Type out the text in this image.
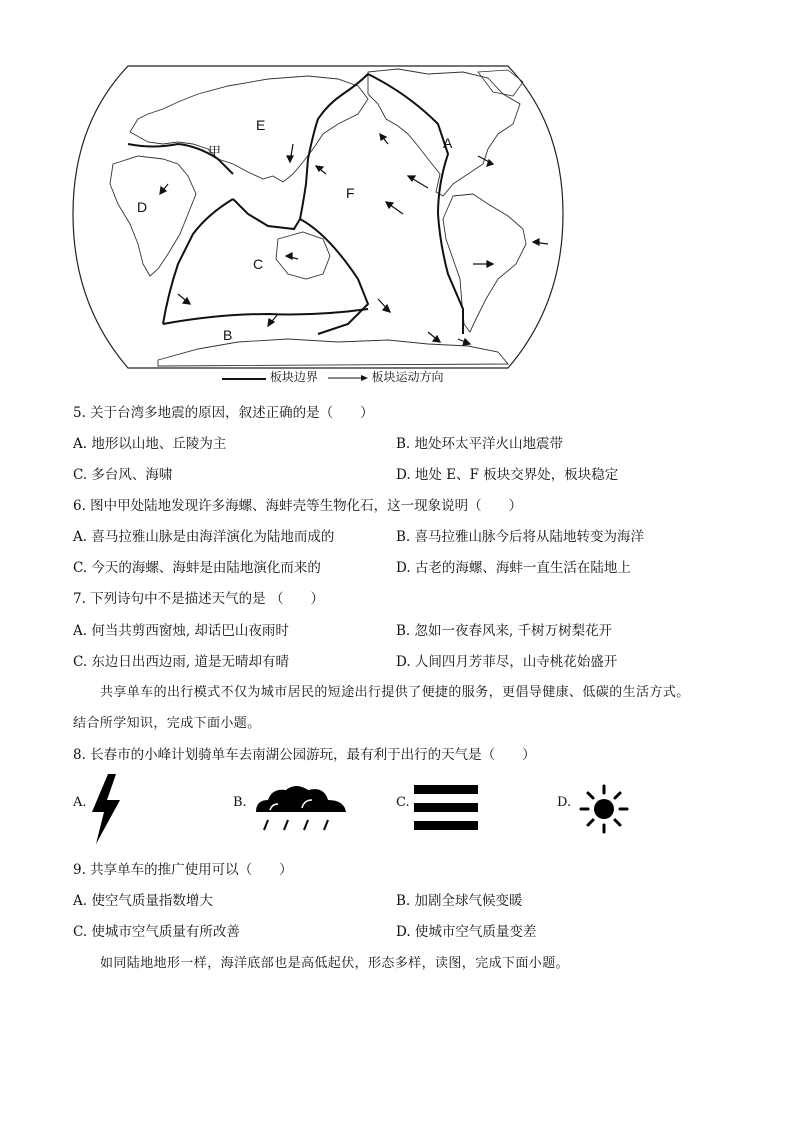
A
B
C
D
E
F
甲
板块边界	板块运动方向
5. 关于台湾多地震的原因，叙述正确的是（　　）
A. 地形以山地、丘陵为主	B. 地处环太平洋火山地震带
C. 多台风、海啸	D. 地处 E、F 板块交界处，板块稳定
6. 图中甲处陆地发现许多海螺、海蚌壳等生物化石，这一现象说明（　　）
A. 喜马拉雅山脉是由海洋演化为陆地而成的	B. 喜马拉雅山脉今后将从陆地转变为海洋
C. 今天的海螺、海蚌是由陆地演化而来的	D. 古老的海螺、海蚌一直生活在陆地上
7. 下列诗句中不是描述天气的是 （　　）
A. 何当共剪西窗烛, 却话巴山夜雨时	B. 忽如一夜春风来, 千树万树梨花开
C. 东边日出西边雨, 道是无晴却有晴	D. 人间四月芳菲尽，山寺桃花始盛开
共享单车的出行模式不仅为城市居民的短途出行提供了便捷的服务，更倡导健康、低碳的生活方式。
结合所学知识，完成下面小题。
8. 长春市的小峰计划骑单车去南湖公园游玩，最有利于出行的天气是（　　）
A.	B.	C.	D.
9. 共享单车的推广使用可以（　　）
A. 使空气质量指数增大	B. 加剧全球气候变暖
C. 使城市空气质量有所改善	D. 使城市空气质量变差
如同陆地地形一样，海洋底部也是高低起伏，形态多样，读图，完成下面小题。
